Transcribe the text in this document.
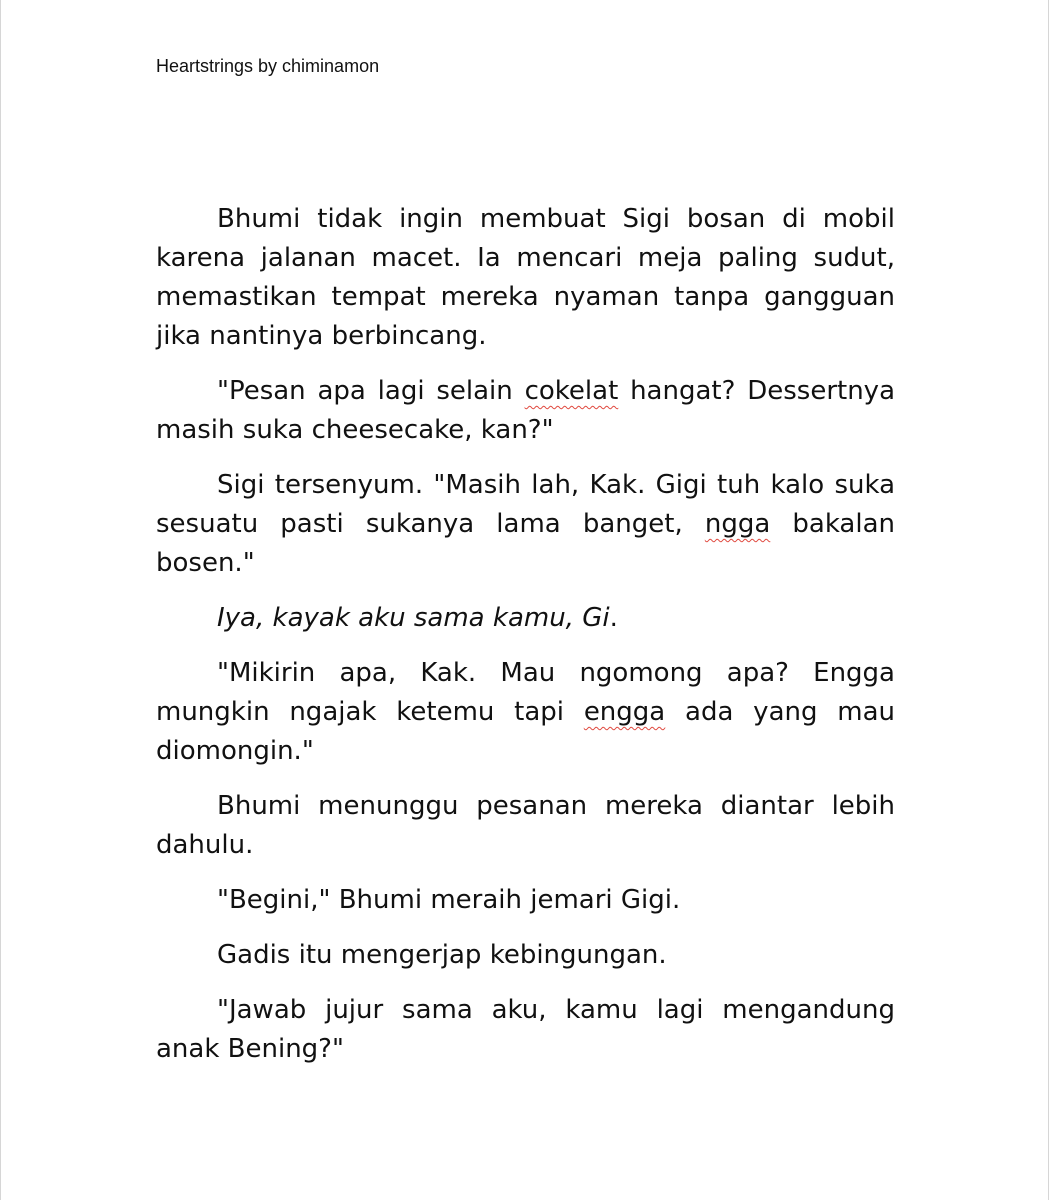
Heartstrings by chiminamon

Bhumi tidak ingin membuat Sigi bosan di mobil karena jalanan macet. Ia mencari meja paling sudut, memastikan tempat mereka nyaman tanpa gangguan jika nantinya berbincang.

"Pesan apa lagi selain cokelat hangat? Dessertnya masih suka cheesecake, kan?"

Sigi tersenyum. "Masih lah, Kak. Gigi tuh kalo suka sesuatu pasti sukanya lama banget, ngga bakalan bosen."

Iya, kayak aku sama kamu, Gi.

"Mikirin apa, Kak. Mau ngomong apa? Engga mungkin ngajak ketemu tapi engga ada yang mau diomongin."

Bhumi menunggu pesanan mereka diantar lebih dahulu.

"Begini," Bhumi meraih jemari Gigi.

Gadis itu mengerjap kebingungan.

"Jawab jujur sama aku, kamu lagi mengandung anak Bening?"
